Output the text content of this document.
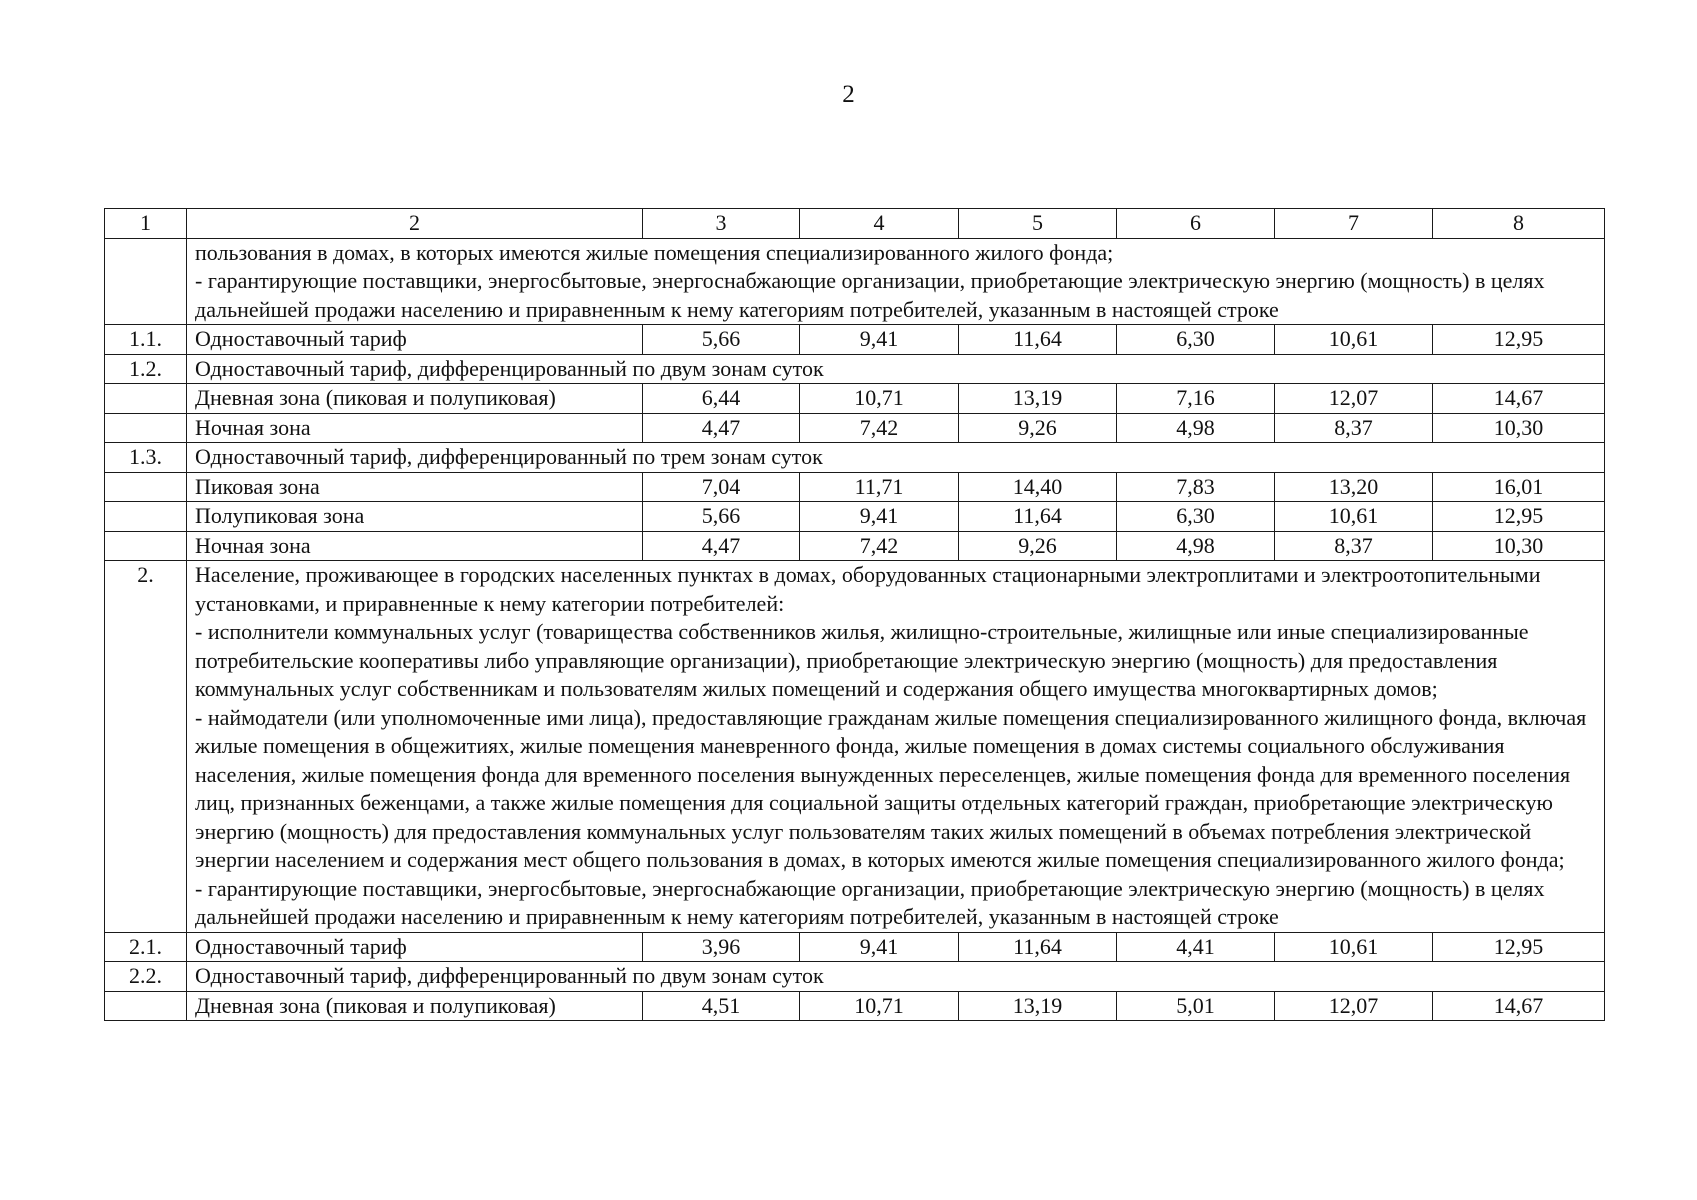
2
1	2	3	4	5	6	7	8

	пользования в домах, в которых имеются жилые помещения специализированного жилого фонда;
- гарантирующие поставщики, энергосбытовые, энергоснабжающие организации, приобретающие электрическую энергию (мощность) в целях дальнейшей продажи населению и приравненным к нему категориям потребителей, указанным в настоящей строке						

1.1.	Одноставочный тариф	5,66	9,41	11,64	6,30	10,61	12,95
1.2.	Одноставочный тариф, дифференцированный по двум зонам суток						
	Дневная зона (пиковая и полупиковая)	6,44	10,71	13,19	7,16	12,07	14,67
	Ночная зона	4,47	7,42	9,26	4,98	8,37	10,30
1.3.	Одноставочный тариф, дифференцированный по трем зонам суток						
	Пиковая зона	7,04	11,71	14,40	7,83	13,20	16,01
	Полупиковая зона	5,66	9,41	11,64	6,30	10,61	12,95
	Ночная зона	4,47	7,42	9,26	4,98	8,37	10,30
2.	Население, проживающее в городских населенных пунктах в домах, оборудованных стационарными электроплитами и электроотопительными установками, и приравненные к нему категории потребителей:
- исполнители коммунальных услуг (товарищества собственников жилья, жилищно-строительные, жилищные или иные специализированные потребительские кооперативы либо управляющие организации), приобретающие электрическую энергию (мощность) для предоставления коммунальных услуг собственникам и пользователям жилых помещений и содержания общего имущества многоквартирных домов;
- наймодатели (или уполномоченные ими лица), предоставляющие гражданам жилые помещения специализированного жилищного фонда, включая жилые помещения в общежитиях, жилые помещения маневренного фонда, жилые помещения в домах системы социального обслуживания населения, жилые помещения фонда для временного поселения вынужденных переселенцев, жилые помещения фонда для временного поселения лиц, признанных беженцами, а также жилые помещения для социальной защиты отдельных категорий граждан, приобретающие электрическую энергию (мощность) для предоставления коммунальных услуг пользователям таких жилых помещений в объемах потребления электрической энергии населением и содержания мест общего пользования в домах, в которых имеются жилые помещения специализированного жилого фонда;
- гарантирующие поставщики, энергосбытовые, энергоснабжающие организации, приобретающие электрическую энергию (мощность) в целях дальнейшей продажи населению и приравненным к нему категориям потребителей, указанным в настоящей строке						

2.1.	Одноставочный тариф	3,96	9,41	11,64	4,41	10,61	12,95
2.2.	Одноставочный тариф, дифференцированный по двум зонам суток						
	Дневная зона (пиковая и полупиковая)	4,51	10,71	13,19	5,01	12,07	14,67
